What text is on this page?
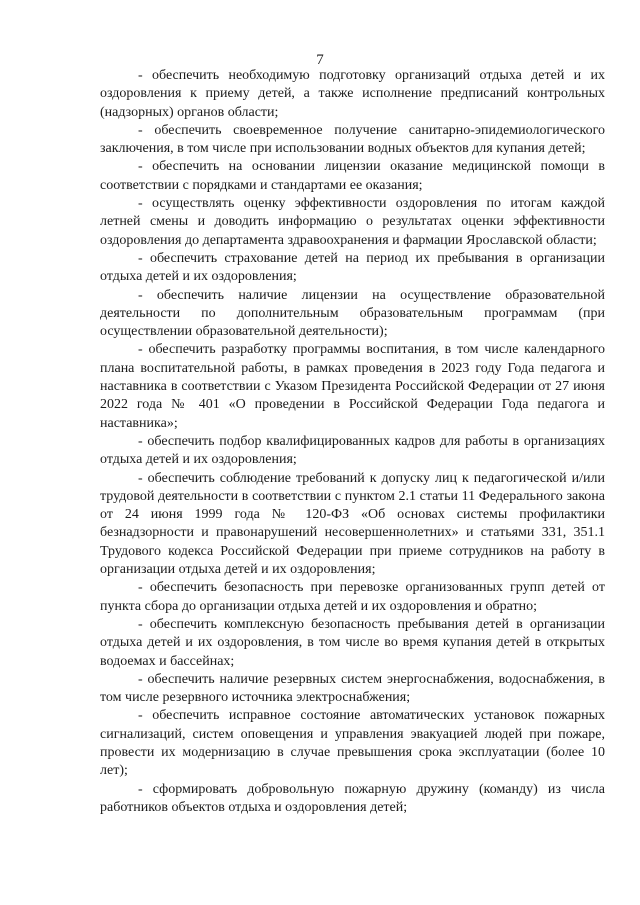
7

- обеспечить необходимую подготовку организаций отдыха детей и их оздоровления к приему детей, а также исполнение предписаний контрольных (надзорных) органов области;

- обеспечить своевременное получение санитарно-эпидемиологического заключения, в том числе при использовании водных объектов для купания детей;

- обеспечить на основании лицензии оказание медицинской помощи в соответствии с порядками и стандартами ее оказания;

- осуществлять оценку эффективности оздоровления по итогам каждой летней смены и доводить информацию о результатах оценки эффективности оздоровления до департамента здравоохранения и фармации Ярославской области;

- обеспечить страхование детей на период их пребывания в организации отдыха детей и их оздоровления;

- обеспечить наличие лицензии на осуществление образовательной деятельности по дополнительным образовательным программам (при осуществлении образовательной деятельности);

- обеспечить разработку программы воспитания, в том числе календарного плана воспитательной работы, в рамках проведения в 2023 году Года педагога и наставника в соответствии с Указом Президента Российской Федерации от 27 июня 2022 года № 401 «О проведении в Российской Федерации Года педагога и наставника»;

- обеспечить подбор квалифицированных кадров для работы в организациях отдыха детей и их оздоровления;

- обеспечить соблюдение требований к допуску лиц к педагогической и/или трудовой деятельности в соответствии с пунктом 2.1 статьи 11 Федерального закона от 24 июня 1999 года № 120-ФЗ «Об основах системы профилактики безнадзорности и правонарушений несовершеннолетних» и статьями 331, 351.1 Трудового кодекса Российской Федерации при приеме сотрудников на работу в организации отдыха детей и их оздоровления;

- обеспечить безопасность при перевозке организованных групп детей от пункта сбора до организации отдыха детей и их оздоровления и обратно;

- обеспечить комплексную безопасность пребывания детей в организации отдыха детей и их оздоровления, в том числе во время купания детей в открытых водоемах и бассейнах;

- обеспечить наличие резервных систем энергоснабжения, водоснабжения, в том числе резервного источника электроснабжения;

- обеспечить исправное состояние автоматических установок пожарных сигнализаций, систем оповещения и управления эвакуацией людей при пожаре, провести их модернизацию в случае превышения срока эксплуатации (более 10 лет);

- сформировать добровольную пожарную дружину (команду) из числа работников объектов отдыха и оздоровления детей;
